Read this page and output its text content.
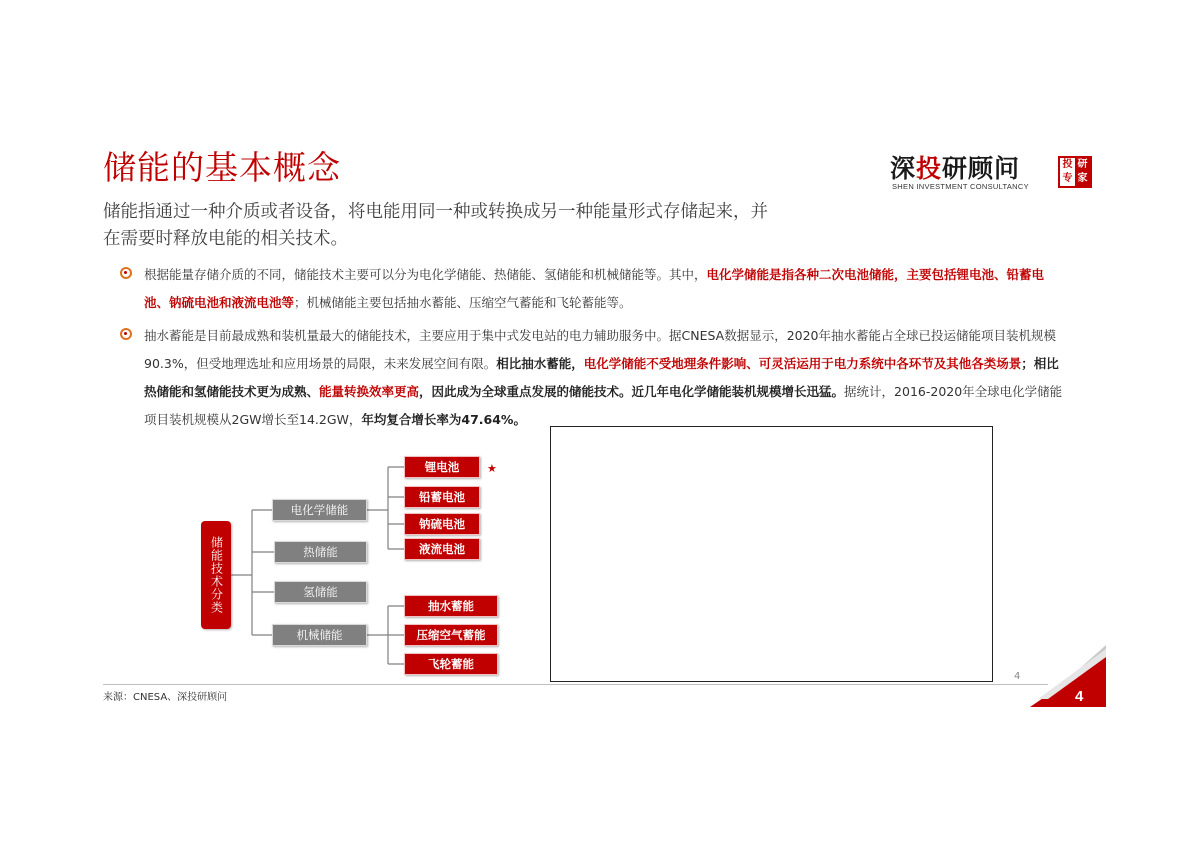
储能的基本概念	深投研顾问
SHEN INVESTMENT CONSULTANCY
投 研
专 家
储能指通过一种介质或者设备，将电能用同一种或转换成另一种能量形式存储起来，并
在需要时释放电能的相关技术。
根据能量存储介质的不同，储能技术主要可以分为电化学储能、热储能、氢储能和机械储能等。其中，电化学储能是指各种二次电池储能，主要包括锂电池、铅蓄电池、钠硫电池和液流电池等；机械储能主要包括抽水蓄能、压缩空气蓄能和飞轮蓄能等。
抽水蓄能是目前最成熟和装机量最大的储能技术，主要应用于集中式发电站的电力辅助服务中。据CNESA数据显示，2020年抽水蓄能占全球已投运储能项目装机规模90.3%，但受地理选址和应用场景的局限，未来发展空间有限。相比抽水蓄能，电化学储能不受地理条件影响、可灵活运用于电力系统中各环节及其他各类场景；相比热储能和氢储能技术更为成熟、能量转换效率更高，因此成为全球重点发展的储能技术。近几年电化学储能装机规模增长迅猛。据统计，2016-2020年全球电化学储能项目装机规模从2GW增长至14.2GW，年均复合增长率为47.64%。
储能技术分类
电化学储能
热储能
氢储能
机械储能
锂电池	★
铅蓄电池
钠硫电池
液流电池
抽水蓄能
压缩空气蓄能
飞轮蓄能
4
来源：CNESA、深投研顾问	4
